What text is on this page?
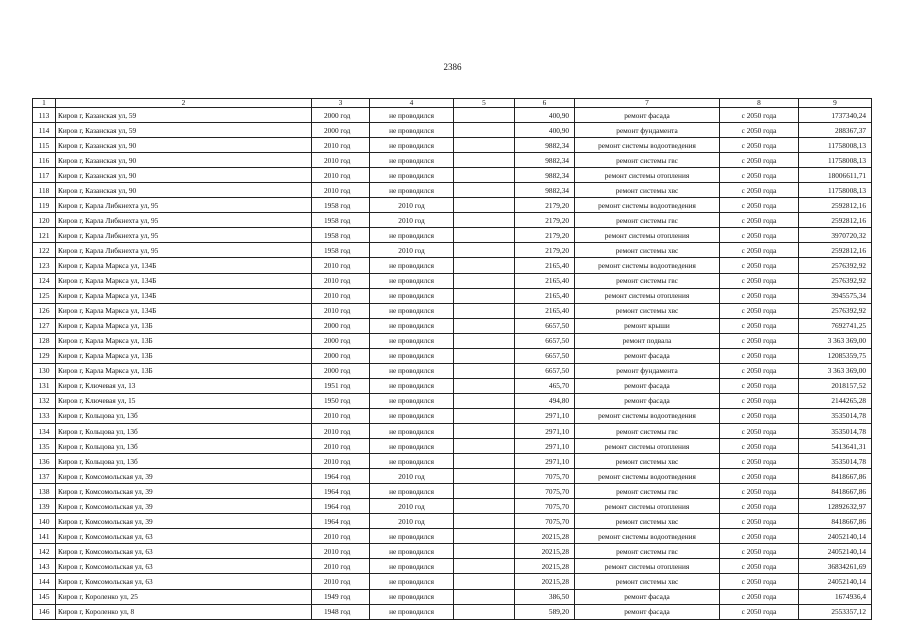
2386
1	2	3	4	5	6	7	8	9
113	Киров г, Казанская ул, 59	2000 год	не проводился		400,90	ремонт фасада	с 2050 года	1737340,24
114	Киров г, Казанская ул, 59	2000 год	не проводился		400,90	ремонт фундамента	с 2050 года	288367,37
115	Киров г, Казанская ул, 90	2010 год	не проводился		9882,34	ремонт системы водоотведения	с 2050 года	11758008,13
116	Киров г, Казанская ул, 90	2010 год	не проводился		9882,34	ремонт системы гвс	с 2050 года	11758008,13
117	Киров г, Казанская ул, 90	2010 год	не проводился		9882,34	ремонт системы отопления	с 2050 года	18006611,71
118	Киров г, Казанская ул, 90	2010 год	не проводился		9882,34	ремонт системы хвс	с 2050 года	11758008,13
119	Киров г, Карла Либкнехта ул, 95	1958 год	2010 год		2179,20	ремонт системы водоотведения	с 2050 года	2592812,16
120	Киров г, Карла Либкнехта ул, 95	1958 год	2010 год		2179,20	ремонт системы гвс	с 2050 года	2592812,16
121	Киров г, Карла Либкнехта ул, 95	1958 год	не проводился		2179,20	ремонт системы отопления	с 2050 года	3970720,32
122	Киров г, Карла Либкнехта ул, 95	1958 год	2010 год		2179,20	ремонт системы хвс	с 2050 года	2592812,16
123	Киров г, Карла Маркса ул, 134Б	2010 год	не проводился		2165,40	ремонт системы водоотведения	с 2050 года	2576392,92
124	Киров г, Карла Маркса ул, 134Б	2010 год	не проводился		2165,40	ремонт системы гвс	с 2050 года	2576392,92
125	Киров г, Карла Маркса ул, 134Б	2010 год	не проводился		2165,40	ремонт системы отопления	с 2050 года	3945575,34
126	Киров г, Карла Маркса ул, 134Б	2010 год	не проводился		2165,40	ремонт системы хвс	с 2050 года	2576392,92
127	Киров г, Карла Маркса ул, 13Б	2000 год	не проводился		6657,50	ремонт крыши	с 2050 года	7692741,25
128	Киров г, Карла Маркса ул, 13Б	2000 год	не проводился		6657,50	ремонт подвала	с 2050 года	3 363 369,00
129	Киров г, Карла Маркса ул, 13Б	2000 год	не проводился		6657,50	ремонт фасада	с 2050 года	12085359,75
130	Киров г, Карла Маркса ул, 13Б	2000 год	не проводился		6657,50	ремонт фундамента	с 2050 года	3 363 369,00
131	Киров г, Ключевая ул, 13	1951 год	не проводился		465,70	ремонт фасада	с 2050 года	2018157,52
132	Киров г, Ключевая ул, 15	1950 год	не проводился		494,80	ремонт фасада	с 2050 года	2144265,28
133	Киров г, Кольцова ул, 13б	2010 год	не проводился		2971,10	ремонт системы водоотведения	с 2050 года	3535014,78
134	Киров г, Кольцова ул, 13б	2010 год	не проводился		2971,10	ремонт системы гвс	с 2050 года	3535014,78
135	Киров г, Кольцова ул, 13б	2010 год	не проводился		2971,10	ремонт системы отопления	с 2050 года	5413641,31
136	Киров г, Кольцова ул, 13б	2010 год	не проводился		2971,10	ремонт системы хвс	с 2050 года	3535014,78
137	Киров г, Комсомольская ул, 39	1964 год	2010 год		7075,70	ремонт системы водоотведения	с 2050 года	8418667,86
138	Киров г, Комсомольская ул, 39	1964 год	не проводился		7075,70	ремонт системы гвс	с 2050 года	8418667,86
139	Киров г, Комсомольская ул, 39	1964 год	2010 год		7075,70	ремонт системы отопления	с 2050 года	12892632,97
140	Киров г, Комсомольская ул, 39	1964 год	2010 год		7075,70	ремонт системы хвс	с 2050 года	8418667,86
141	Киров г, Комсомольская ул, 63	2010 год	не проводился		20215,28	ремонт системы водоотведения	с 2050 года	24052140,14
142	Киров г, Комсомольская ул, 63	2010 год	не проводился		20215,28	ремонт системы гвс	с 2050 года	24052140,14
143	Киров г, Комсомольская ул, 63	2010 год	не проводился		20215,28	ремонт системы отопления	с 2050 года	36834261,69
144	Киров г, Комсомольская ул, 63	2010 год	не проводился		20215,28	ремонт системы хвс	с 2050 года	24052140,14
145	Киров г, Короленко ул, 25	1949 год	не проводился		386,50	ремонт фасада	с 2050 года	1674936,4
146	Киров г, Короленко ул, 8	1948 год	не проводился		589,20	ремонт фасада	с 2050 года	2553357,12
